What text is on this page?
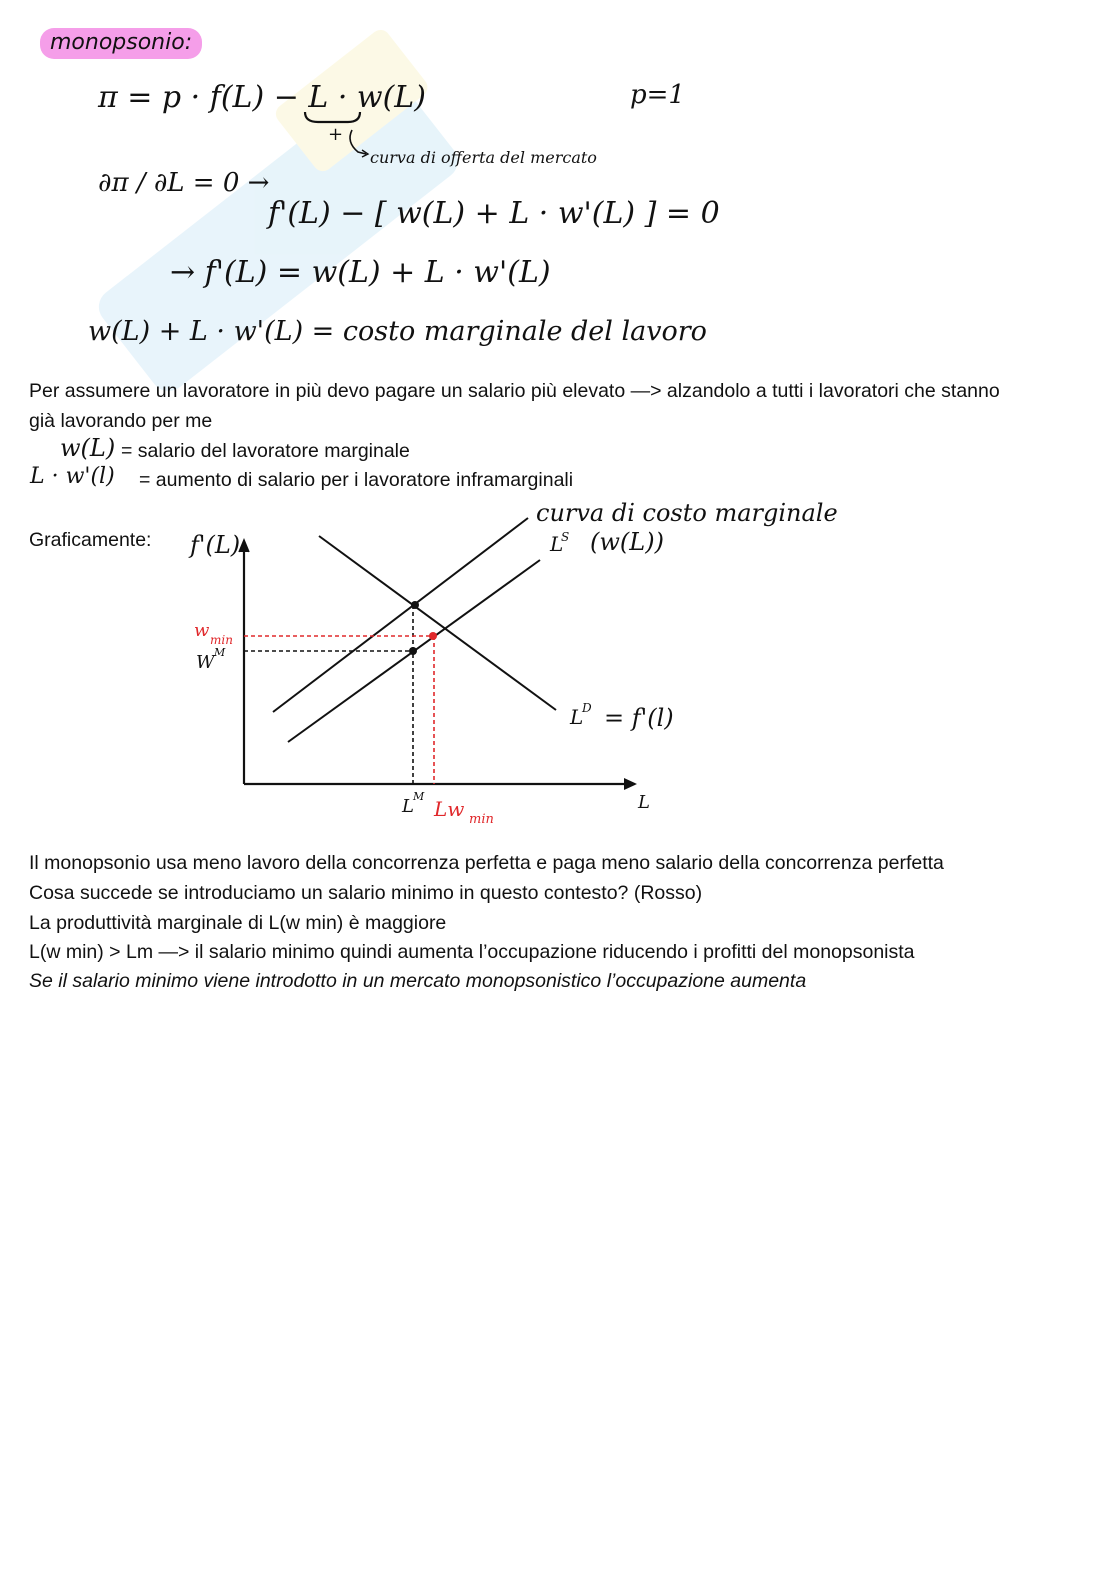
monopsonio:
π = p · f(L) − L · w(L)	p=1
+
curva di offerta del mercato
∂π / ∂L = 0 →
f'(L) − [ w(L) + L · w'(L) ] = 0
→ f'(L) = w(L) + L · w'(L)
w(L) + L · w'(L) = costo marginale del lavoro
Per assumere un lavoratore in più devo pagare un salario più elevato —> alzandolo a tutti i lavoratori che stanno
già lavorando per me
w(L) = salario del lavoratore marginale
L · w'(l) = aumento di salario per i lavoratore inframarginali
Graficamente: f'(L)
L
curva di costo marginale
L
S (w(L))
L
D = f'(l)
w min
W M
L M
Lw min
Il monopsonio usa meno lavoro della concorrenza perfetta e paga meno salario della concorrenza perfetta
Cosa succede se introduciamo un salario minimo in questo contesto? (Rosso)
La produttività marginale di L(w min) è maggiore
L(w min) > Lm —> il salario minimo quindi aumenta l’occupazione riducendo i profitti del monopsonista
Se il salario minimo viene introdotto in un mercato monopsonistico l’occupazione aumenta
